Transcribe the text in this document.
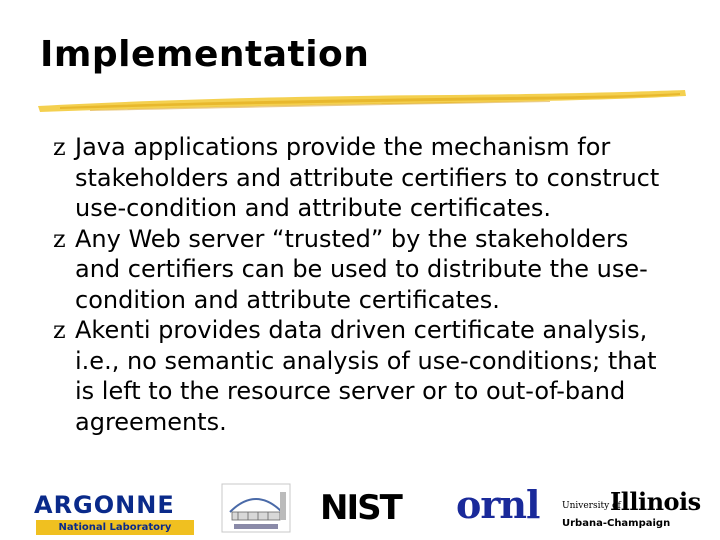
Implementation
z Java applications provide the mechanism for
stakeholders and attribute certifiers to construct
use-condition and attribute certificates.
z Any Web server “trusted” by the stakeholders
and certifiers can be used to distribute the use-
condition and attribute certificates.
z Akenti provides data driven certificate analysis,
i.e., no semantic analysis of use-conditions; that
is left to the resource server or to out-of-band
agreements.
ARGONNE
National Laboratory	NIST	ornl	University of
Illinois
Urbana-Champaign
